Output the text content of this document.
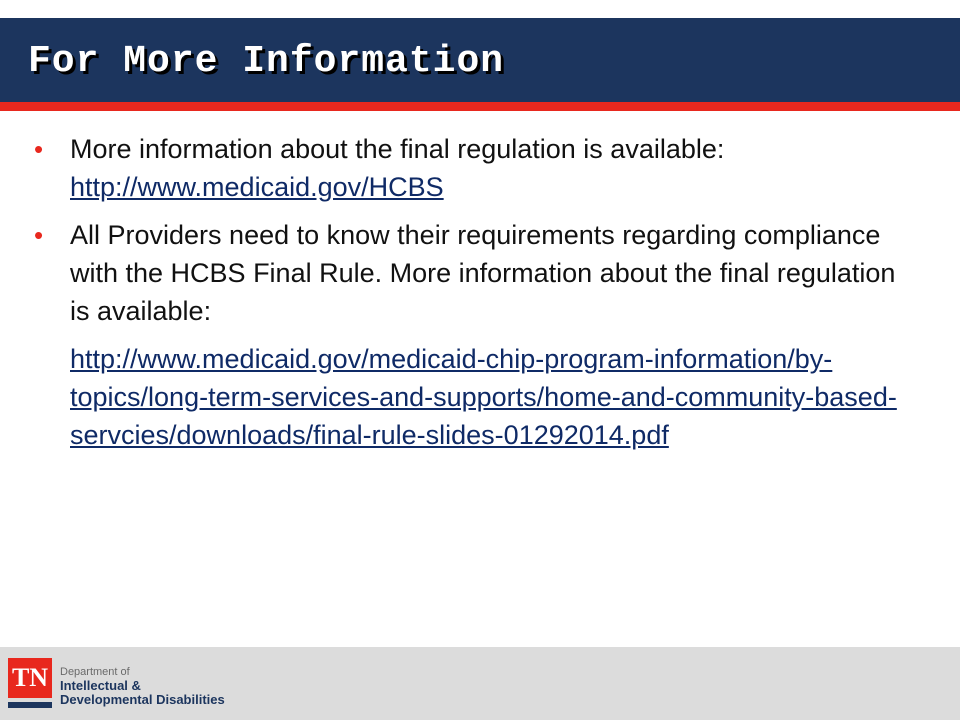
For More Information
• More information about the final regulation is available: http://www.medicaid.gov/HCBS
• All Providers need to know their requirements regarding compliance with the HCBS Final Rule. More information about the final regulation is available:
http://www.medicaid.gov/medicaid-chip-program-information/by-topics/long-term-services-and-supports/home-and-community-based-servcies/downloads/final-rule-slides-01292014.pdf
TN	Department of
Intellectual &
Developmental Disabilities
